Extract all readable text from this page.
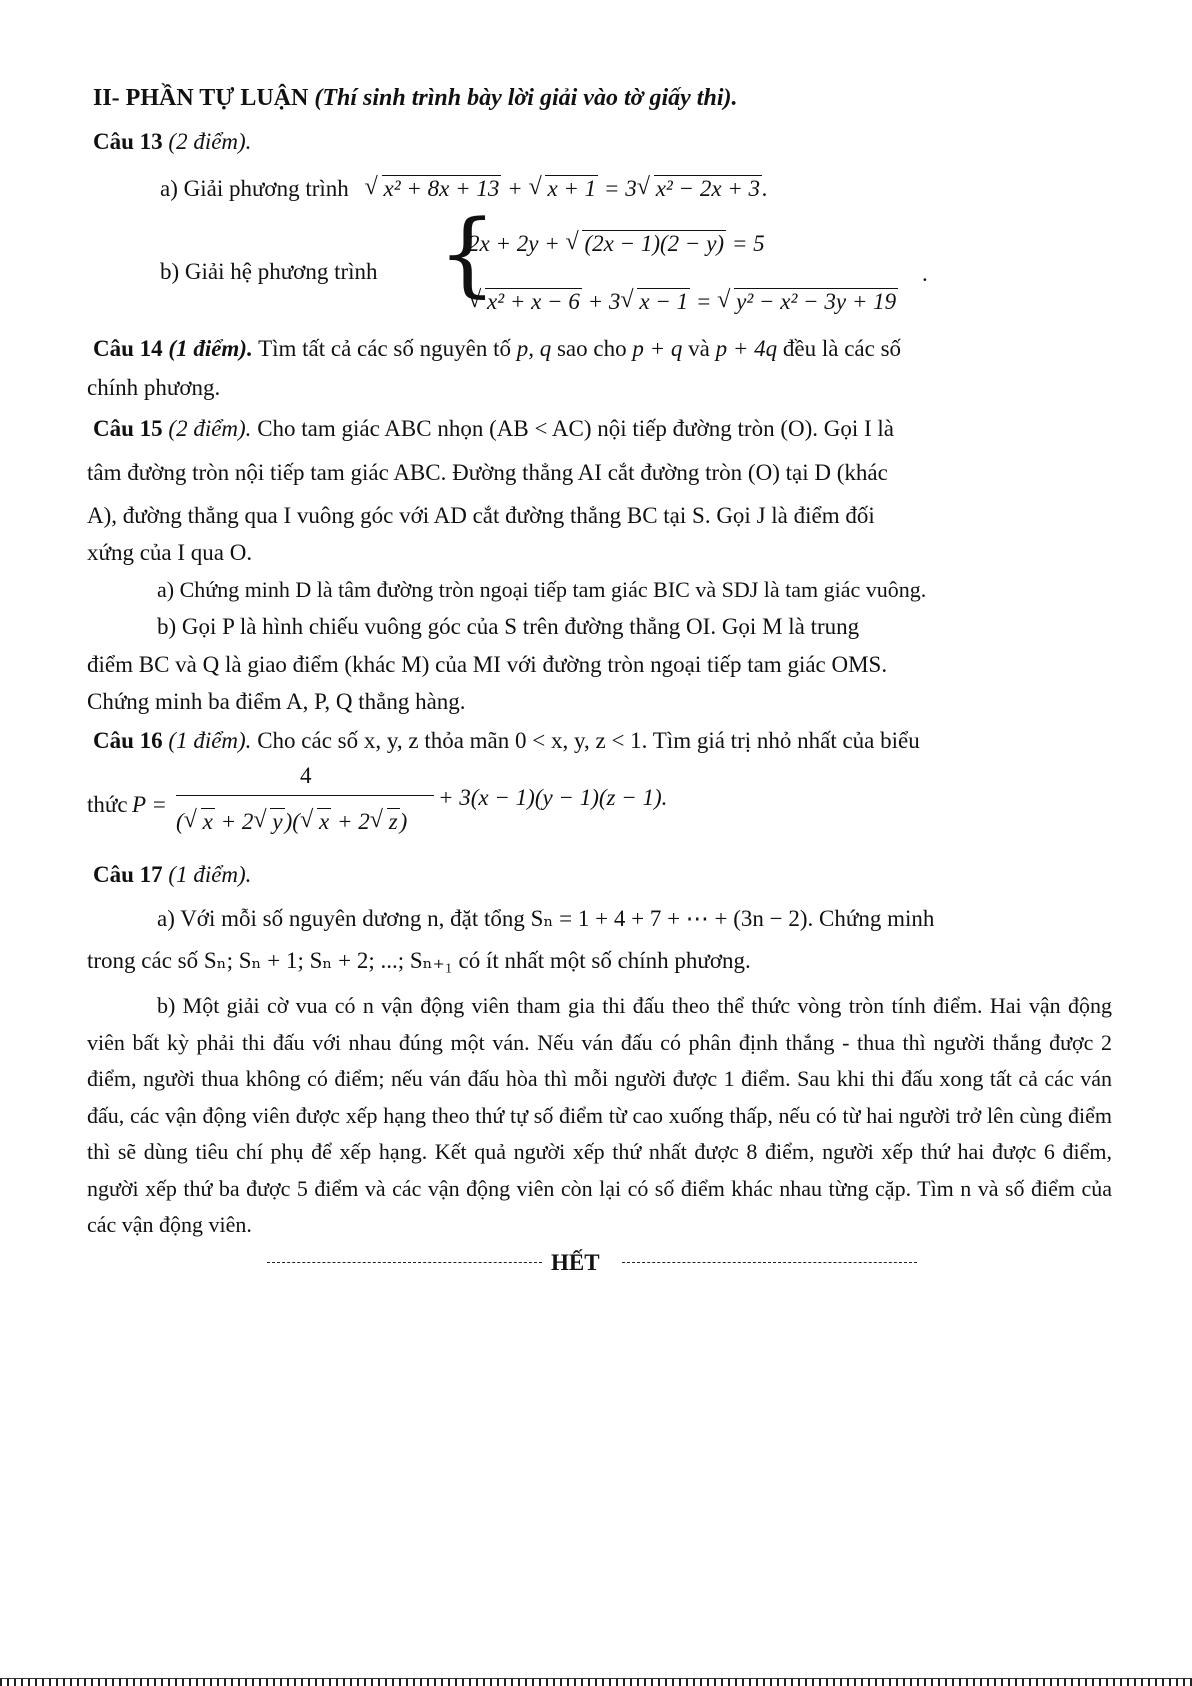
II- PHẦN TỰ LUẬN (Thí sinh trình bày lời giải vào tờ giấy thi).
Câu 13 (2 điểm).
a) Giải phương trình √ x² + 8x + 13 + √ x + 1 = 3 √ x² − 2x + 3.
b) Giải hệ phương trình {
2x + 2y + √ (2x − 1)(2 − y) = 5
√ x² + x − 6 + 3 √ x − 1 = √ y² − x² − 3y + 19
.
Câu 14 (1 điểm). Tìm tất cả các số nguyên tố p, q sao cho p + q và p + 4q đều là các số
chính phương.
Câu 15 (2 điểm). Cho tam giác ABC nhọn (AB < AC) nội tiếp đường tròn (O). Gọi I là
tâm đường tròn nội tiếp tam giác ABC. Đường thẳng AI cắt đường tròn (O) tại D (khác
A), đường thẳng qua I vuông góc với AD cắt đường thẳng BC tại S. Gọi J là điểm đối
xứng của I qua O.
a) Chứng minh D là tâm đường tròn ngoại tiếp tam giác BIC và SDJ là tam giác vuông.
b) Gọi P là hình chiếu vuông góc của S trên đường thẳng OI. Gọi M là trung
điểm BC và Q là giao điểm (khác M) của MI với đường tròn ngoại tiếp tam giác OMS.
Chứng minh ba điểm A, P, Q thẳng hàng.
Câu 16 (1 điểm). Cho các số x, y, z thỏa mãn 0 < x, y, z < 1. Tìm giá trị nhỏ nhất của biểu
thức P =
4
( √ x + 2 √ y)( √ x + 2 √ z)
+ 3(x − 1)(y − 1)(z − 1).
Câu 17 (1 điểm).
a) Với mỗi số nguyên dương n, đặt tổng Sₙ = 1 + 4 + 7 + ⋯ + (3n − 2). Chứng minh
trong các số Sₙ; Sₙ + 1; Sₙ + 2; ...; Sₙ₊₁ có ít nhất một số chính phương.
b) Một giải cờ vua có n vận động viên tham gia thi đấu theo thể thức vòng tròn tính điểm. Hai vận động viên bất kỳ phải thi đấu với nhau đúng một ván. Nếu ván đấu có phân định thắng - thua thì người thắng được 2 điểm, người thua không có điểm; nếu ván đấu hòa thì mỗi người được 1 điểm. Sau khi thi đấu xong tất cả các ván đấu, các vận động viên được xếp hạng theo thứ tự số điểm từ cao xuống thấp, nếu có từ hai người trở lên cùng điểm thì sẽ dùng tiêu chí phụ để xếp hạng. Kết quả người xếp thứ nhất được 8 điểm, người xếp thứ hai được 6 điểm, người xếp thứ ba được 5 điểm và các vận động viên còn lại có số điểm khác nhau từng cặp. Tìm n và số điểm của các vận động viên.
HẾT
